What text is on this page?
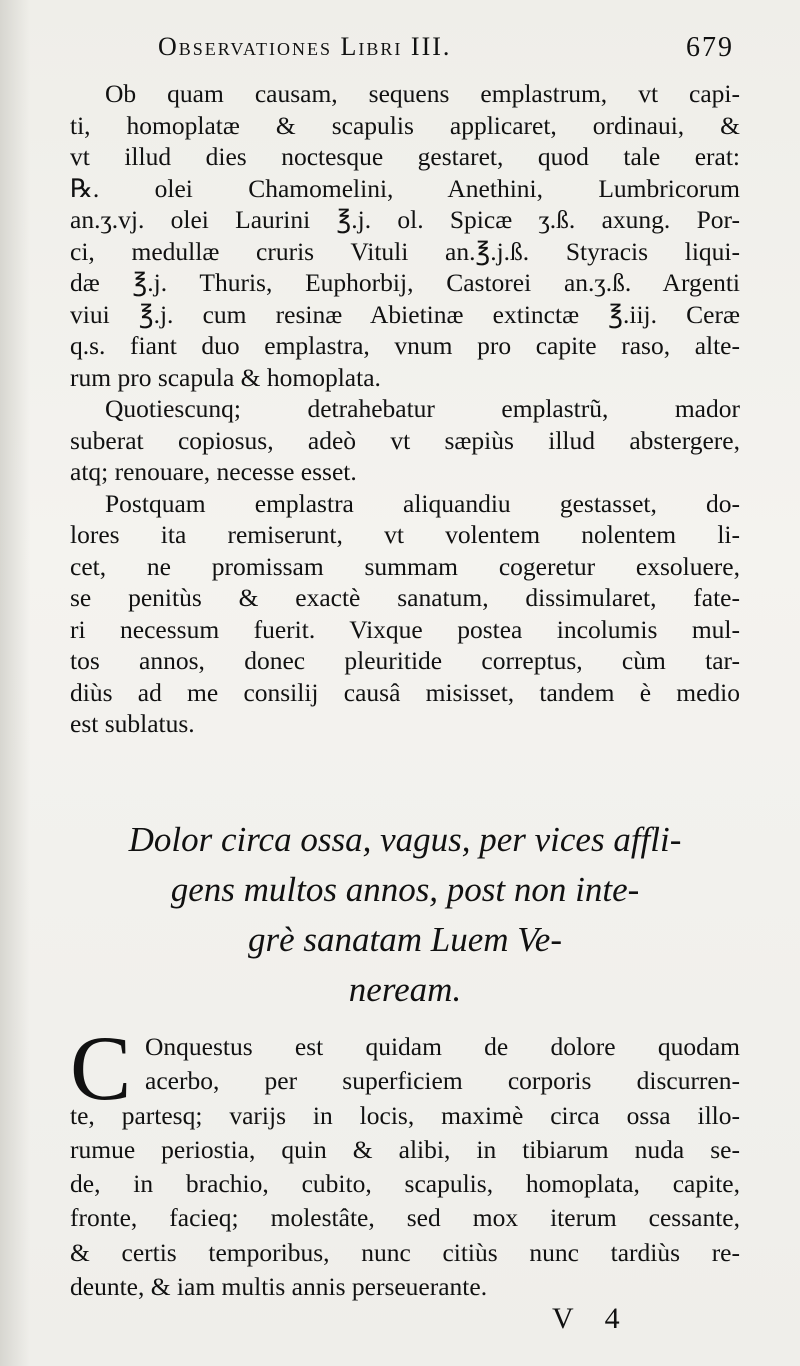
Observationes Libri III.	679
Ob quam causam, sequens emplastrum, vt capi-
ti, homoplatæ & scapulis applicaret, ordinaui, &
vt illud dies noctesque gestaret, quod tale erat:
℞. olei Chamomelini, Anethini, Lumbricorum
an.ʒ.vj. olei Laurini ℥.j. ol. Spicæ ʒ.ß. axung. Por-
ci, medullæ cruris Vituli an.℥.j.ß. Styracis liqui-
dæ ℥.j. Thuris, Euphorbij, Castorei an.ʒ.ß. Argenti
viui ℥.j. cum resinæ Abietinæ extinctæ ℥.iij. Ceræ
q.s. fiant duo emplastra, vnum pro capite raso, alte-
rum pro scapula & homoplata.
Quotiescunq; detrahebatur emplastrũ, mador
suberat copiosus, adeò vt sæpiùs illud abstergere,
atq; renouare, necesse esset.
Postquam emplastra aliquandiu gestasset, do-
lores ita remiserunt, vt volentem nolentem li-
cet, ne promissam summam cogeretur exsoluere,
se penitùs & exactè sanatum, dissimularet, fate-
ri necessum fuerit. Vixque postea incolumis mul-
tos annos, donec pleuritide correptus, cùm tar-
diùs ad me consilij causâ misisset, tandem è medio
est sublatus.
Dolor circa ossa, vagus, per vices affli-
gens multos annos, post non inte-
grè sanatam Luem Ve-
neream.
C Onquestus est quidam de dolore quodam
acerbo, per superficiem corporis discurren-
te, partesq; varijs in locis, maximè circa ossa illo-
rumue periostia, quin & alibi, in tibiarum nuda se-
de, in brachio, cubito, scapulis, homoplata, capite,
fronte, facieq; molestâte, sed mox iterum cessante,
& certis temporibus, nunc citiùs nunc tardiùs re-
deunte, & iam multis annis perseuerante.
V 4
